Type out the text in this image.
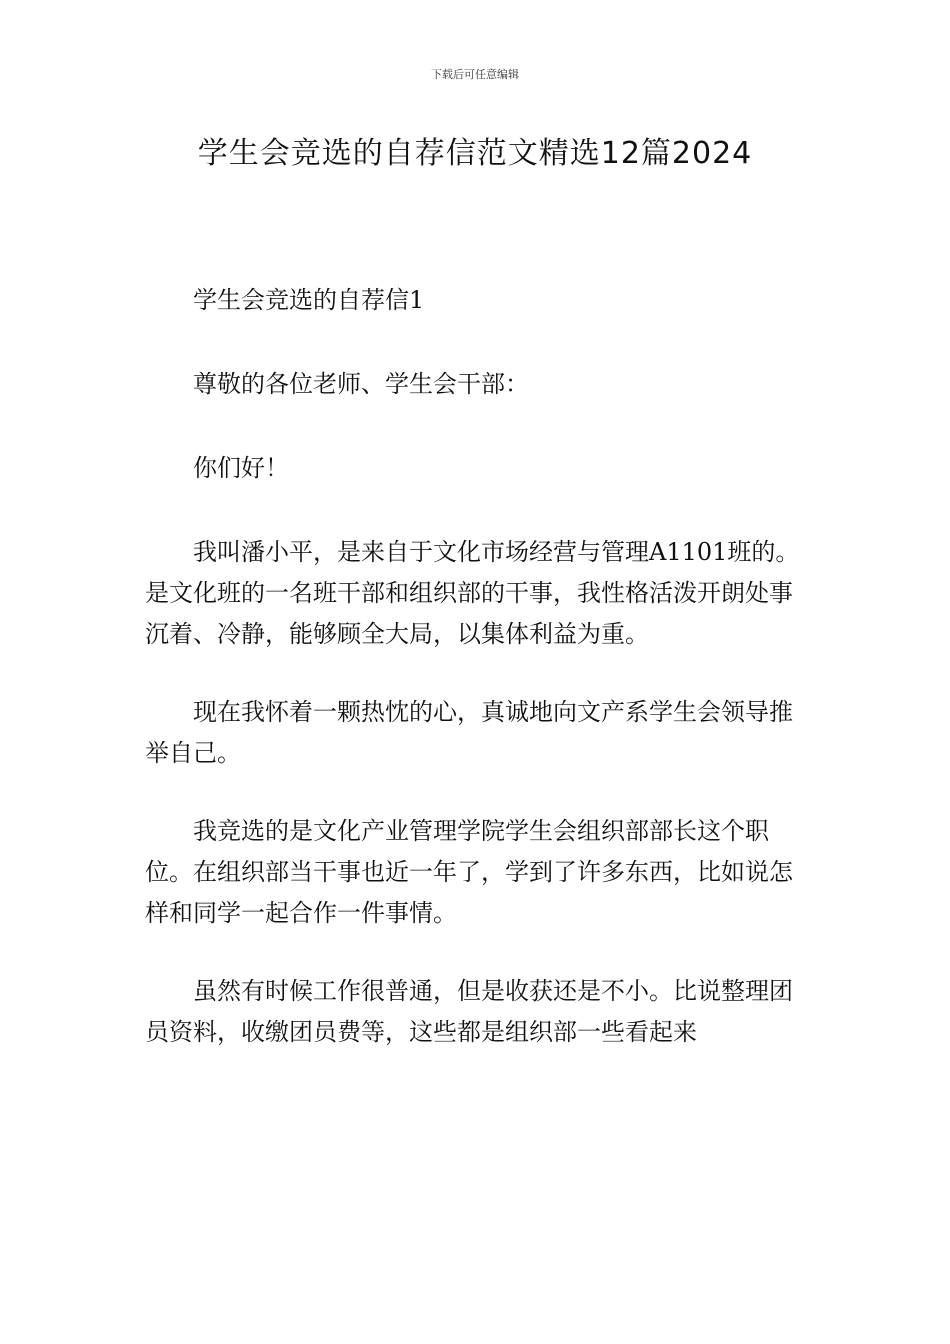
下载后可任意编辑
学生会竞选的自荐信范文精选12篇2024

学生会竞选的自荐信1

尊敬的各位老师、学生会干部：

你们好！

我叫潘小平，是来自于文化市场经营与管理A1101班的。是文化班的一名班干部和组织部的干事，我性格活泼开朗处事沉着、冷静，能够顾全大局，以集体利益为重。

现在我怀着一颗热忱的心，真诚地向文产系学生会领导推举自己。

我竞选的是文化产业管理学院学生会组织部部长这个职位。在组织部当干事也近一年了，学到了许多东西，比如说怎样和同学一起合作一件事情。

虽然有时候工作很普通，但是收获还是不小。比说整理团员资料，收缴团员费等，这些都是组织部一些看起来
